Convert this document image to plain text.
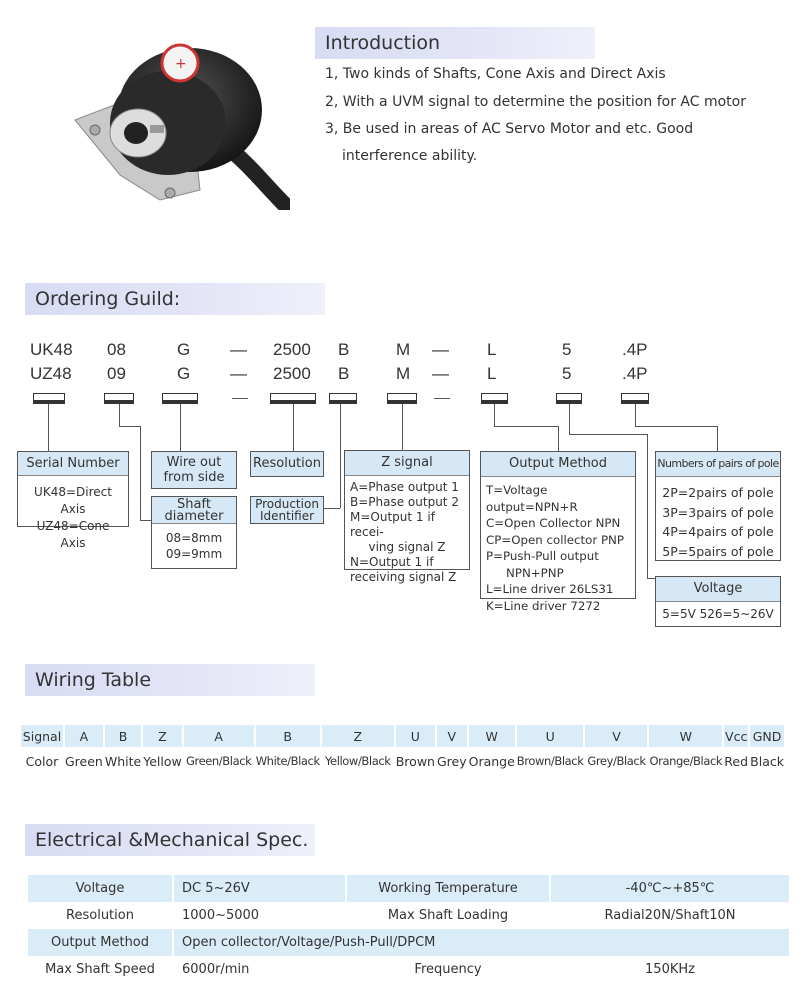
+
Introduction
1, Two kinds of Shafts, Cone Axis and Direct Axis
2, With a UVM signal to determine the position for AC motor
3, Be used in areas of AC Servo Motor and etc. Good
interference ability.
Ordering Guild:
UK48 08	G — 2500 B	M — L	5	.4P
UZ48 09	G — 2500 B	M — L	5	.4P
Serial Number
UK48=Direct Axis
UZ48=Cone Axis
Wire out from side
Shaft diameter
08=8mm
09=9mm
Resolution
Production Identifier
Z signal
A=Phase output 1
B=Phase output 2
M=Output 1 if recei-
ving signal Z
N=Output 1 if
receiving signal Z
Output Method
T=Voltage output=NPN+R
C=Open Collector NPN
CP=Open collector PNP
P=Push-Pull output
NPN+PNP
L=Line driver 26LS31
K=Line driver 7272
Numbers of pairs of pole
2P=2pairs of pole
3P=3pairs of pole
4P=4pairs of pole
5P=5pairs of pole
Voltage
5=5V 526=5~26V
Wiring Table
Signal	A	B	Z	A	B	Z	U	V	W	U	V	W	Vcc	GND
Color	Green	White	Yellow	Green/Black	White/Black	Yellow/Black	Brown	Grey	Orange	Brown/Black	Grey/Black	Orange/Black	Red	Black
Electrical &Mechanical Spec.
Voltage	DC 5~26V	Working Temperature	-40℃~+85℃
Resolution	1000~5000	Max Shaft Loading	Radial20N/Shaft10N
Output Method	Open collector/Voltage/Push-Pull/DPCM		
Max Shaft Speed	6000r/min	Frequency	150KHz
